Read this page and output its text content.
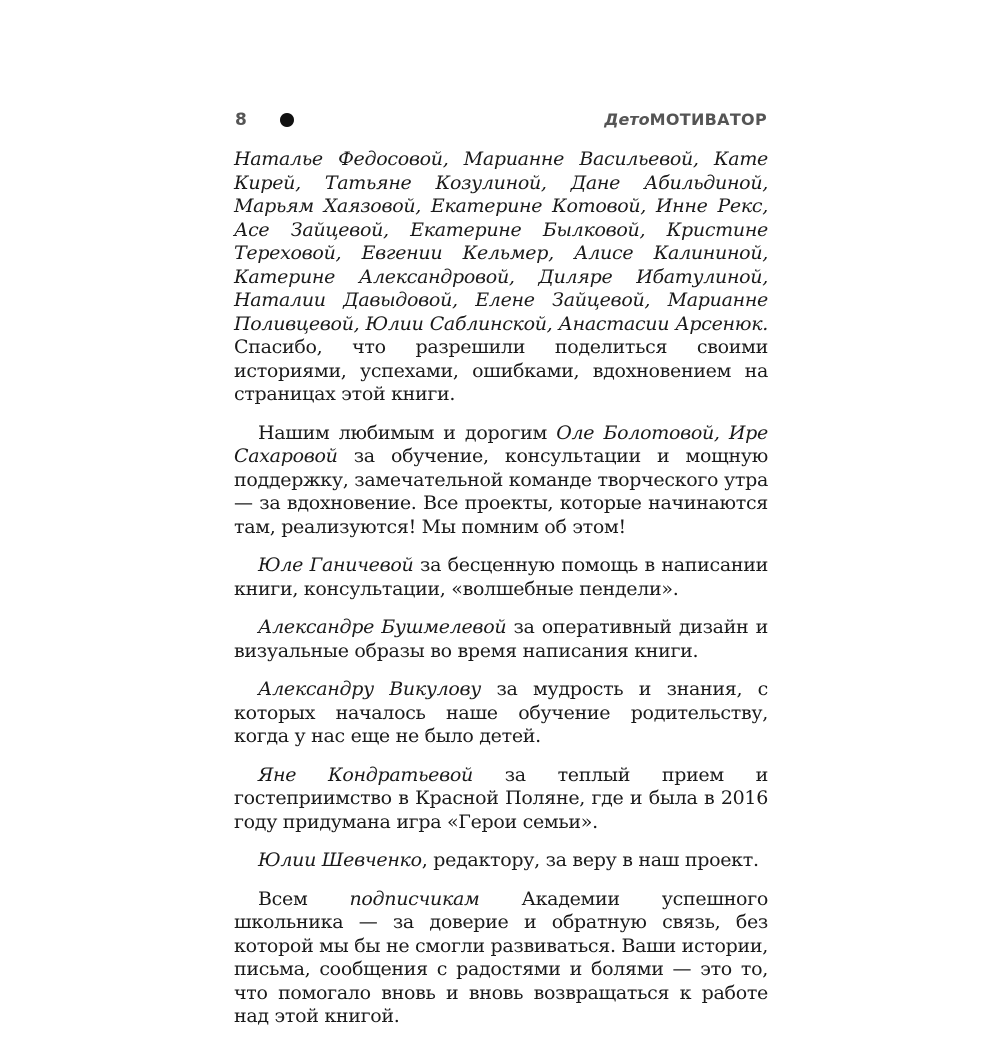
8	ДетоМОТИВАТОР

Наталье Федосовой, Марианне Васильевой, Кате Кирей, Татьяне Козулиной, Дане Абильдиной, Марьям Хаязовой, Екатерине Котовой, Инне Рекс, Асе Зайцевой, Екатерине Былковой, Кристине Тереховой, Евгении Кельмер, Алисе Калининой, Катерине Александровой, Диляре Ибатулиной, Наталии Давыдовой, Елене Зайцевой, Марианне Поливцевой, Юлии Саблинской, Анастасии Арсенюк. Спасибо, что разрешили поделиться своими историями, успехами, ошибками, вдохновением на страницах этой книги.

Нашим любимым и дорогим Оле Болотовой, Ире Сахаровой за обучение, консультации и мощную поддержку, замечательной команде творческого утра — за вдохновение. Все проекты, которые начинаются там, реализуются! Мы помним об этом!

Юле Ганичевой за бесценную помощь в написании книги, консультации, «волшебные пендели».

Александре Бушмелевой за оперативный дизайн и визуальные образы во время написания книги.

Александру Викулову за мудрость и знания, с которых началось наше обучение родительству, когда у нас еще не было детей.

Яне Кондратьевой за теплый прием и гостеприимство в Красной Поляне, где и была в 2016 году придумана игра «Герои семьи».

Юлии Шевченко, редактору, за веру в наш проект.

Всем подписчикам Академии успешного школьника — за доверие и обратную связь, без которой мы бы не смогли развиваться. Ваши истории, письма, сообщения с радостями и болями — это то, что помогало вновь и вновь возвращаться к работе над этой книгой.
